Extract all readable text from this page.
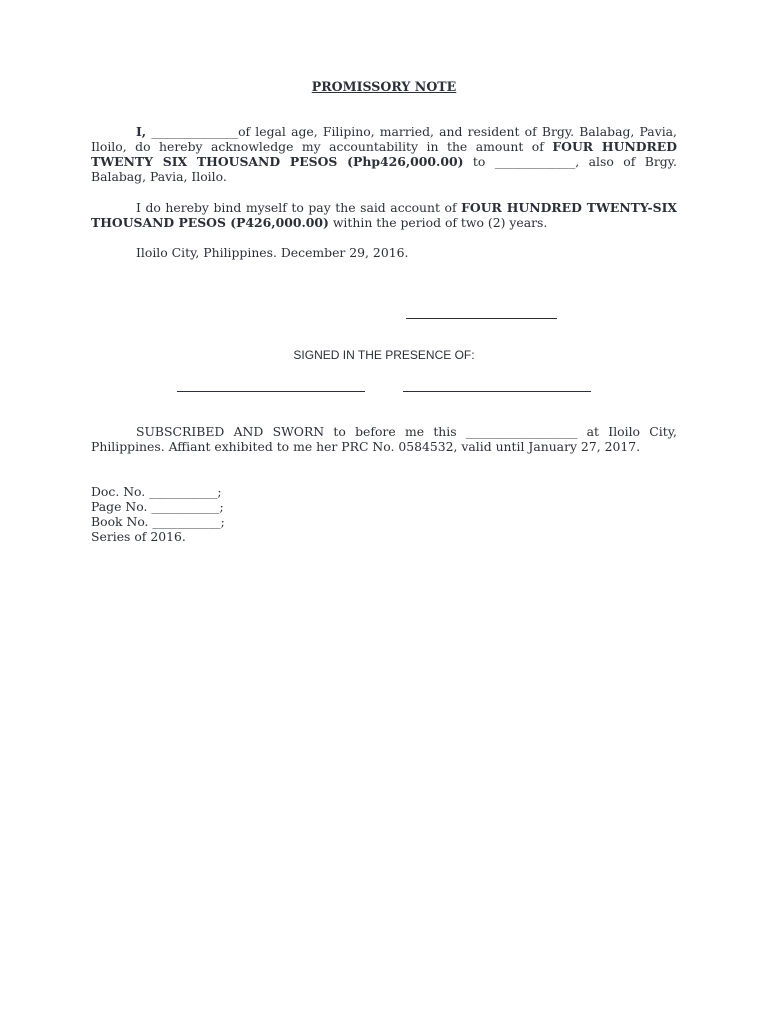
PROMISSORY NOTE

I, ______________of legal age, Filipino, married, and resident of Brgy. Balabag, Pavia, Iloilo, do hereby acknowledge my accountability in the amount of FOUR HUNDRED TWENTY SIX THOUSAND PESOS (Php426,000.00) to _____________, also of Brgy. Balabag, Pavia, Iloilo.

I do hereby bind myself to pay the said account of FOUR HUNDRED TWENTY-SIX THOUSAND PESOS (P426,000.00) within the period of two (2) years.

Iloilo City, Philippines. December 29, 2016.

SIGNED IN THE PRESENCE OF:

SUBSCRIBED AND SWORN to before me this __________________ at Iloilo City, Philippines. Affiant exhibited to me her PRC No. 0584532, valid until January 27, 2017.

Doc. No. ___________;

Page No. ___________;

Book No. ___________;

Series of 2016.
